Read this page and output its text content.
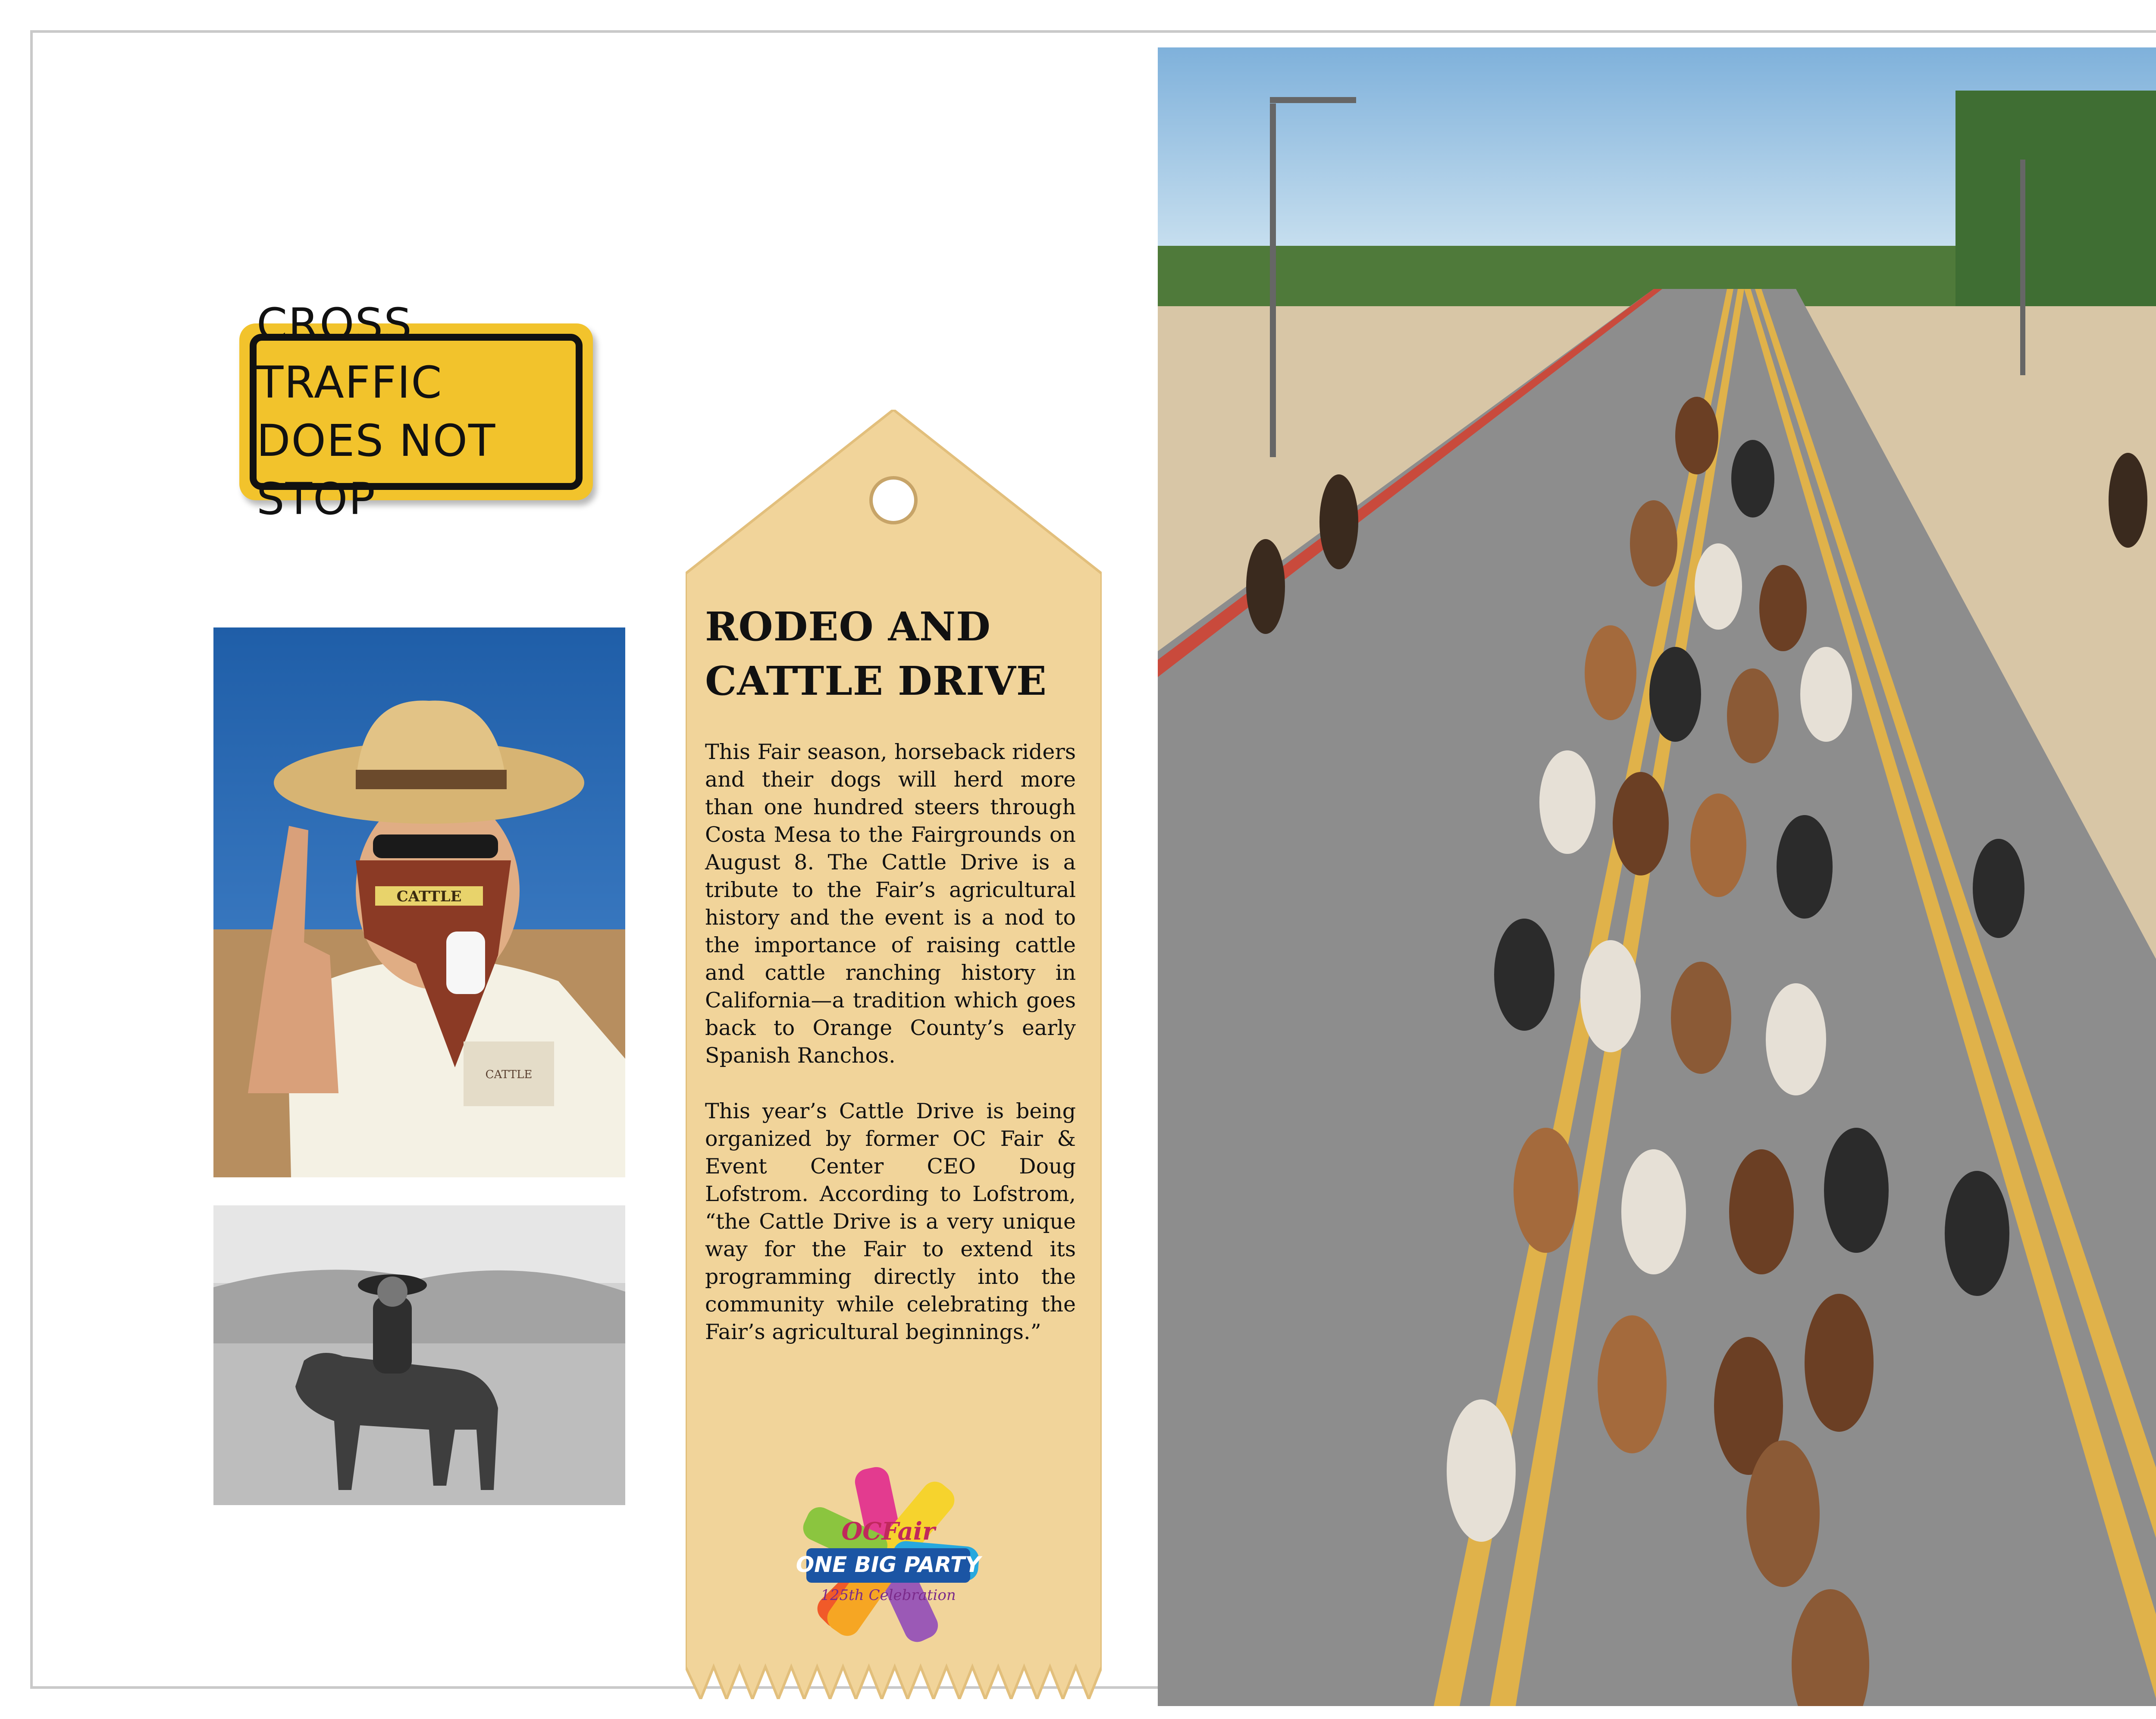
CROSS TRAFFIC
DOES NOT STOP
CATTLE
CATTLE
RODEO AND
CATTLE DRIVE

This Fair season, horseback riders and their dogs will herd more than one hundred steers through Costa Mesa to the Fairgrounds on August 8. The Cattle Drive is a tribute to the Fair’s agricultural history and the event is a nod to the importance of raising cattle and cattle ranching history in California—a tradition which goes back to Orange County’s early Spanish Ranchos.

This year’s Cattle Drive is being organized by former OC Fair & Event Center CEO Doug Lofstrom. According to Lofstrom, “the Cattle Drive is a very unique way for the Fair to extend its programming directly into the community while celebrating the Fair’s agricultural beginnings.”

OCFair
ONE BIG PARTY
125th Celebration
